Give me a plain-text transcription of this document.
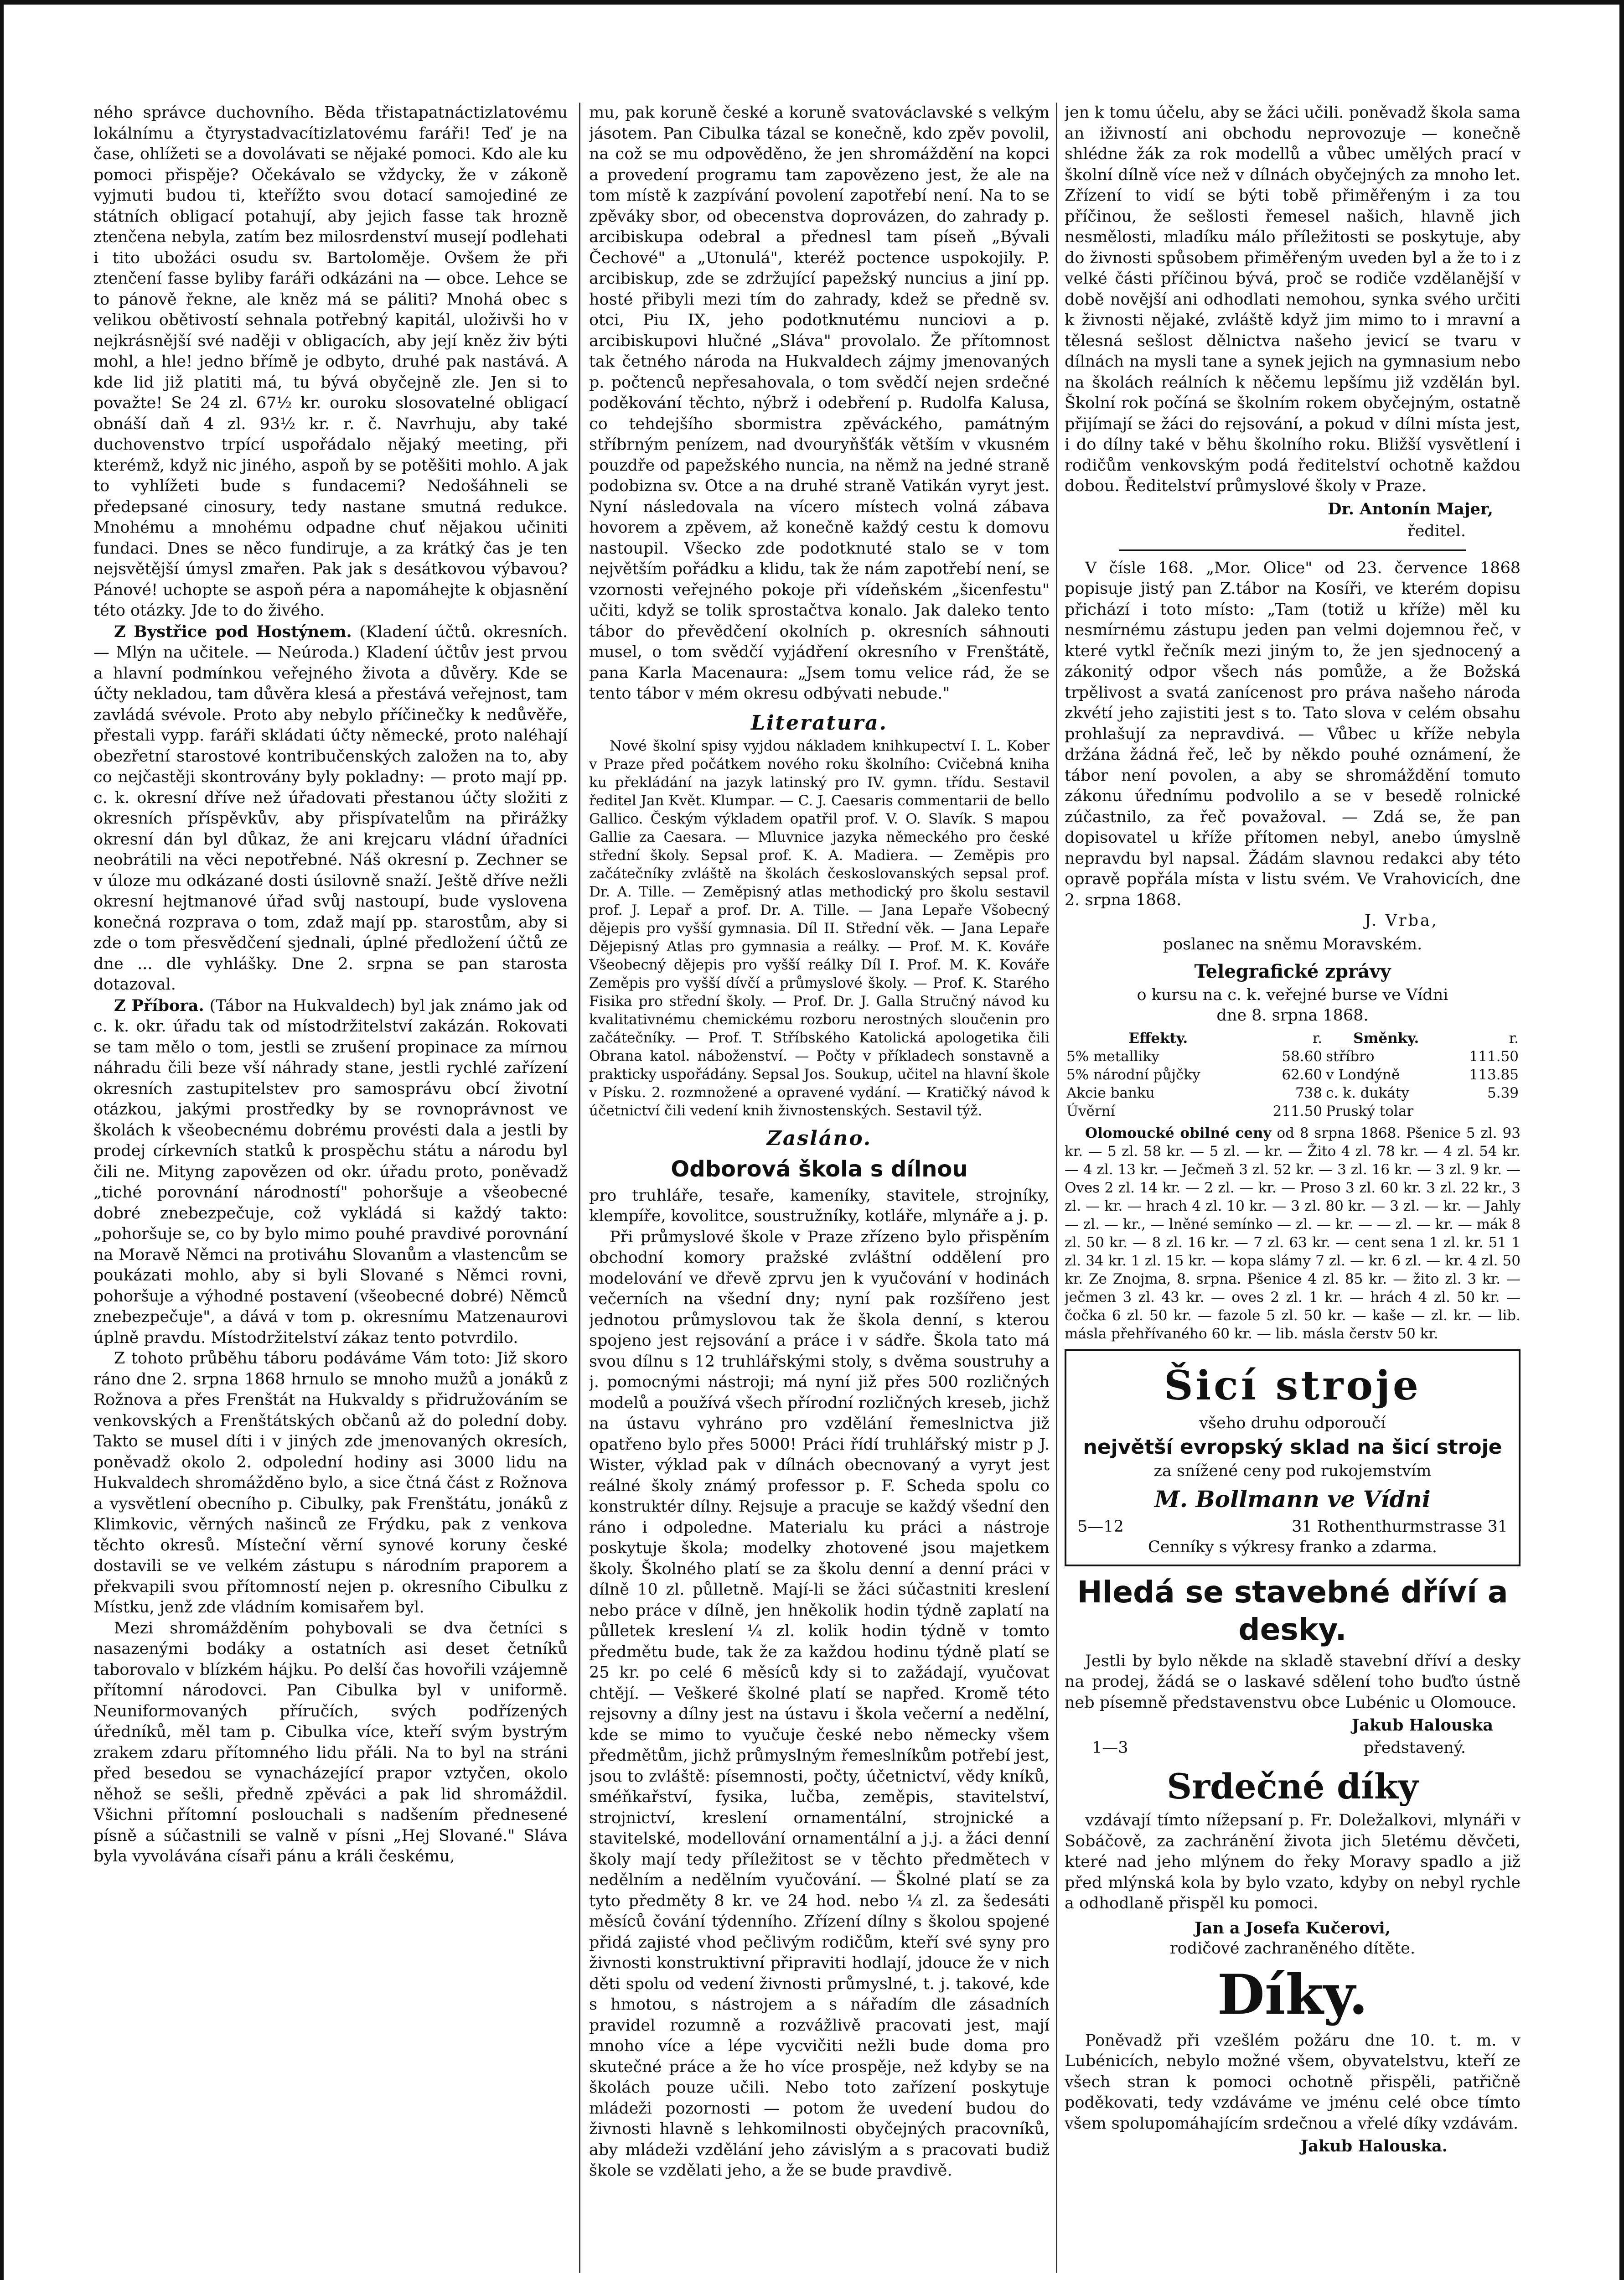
ného správce duchovního. Běda třistapatnáctizlatovému lokálnímu a čtyrystadvacítizlatovému faráři! Teď je na čase, ohlížeti se a dovolávati se nějaké pomoci. Kdo ale ku pomoci přispěje? Očekávalo se vždycky, že v zákoně vyjmuti budou ti, kteřížto svou dotací samojediné ze státních obligací potahují, aby jejich fasse tak hrozně ztenčena nebyla, zatím bez milosrdenství musejí podlehati i tito ubožáci osudu sv. Bartoloměje. Ovšem že při ztenčení fasse byliby faráři odkázáni na — obce. Lehce se to pánově řekne, ale kněz má se páliti? Mnohá obec s velikou obětivostí sehnala potřebný kapitál, uloživši ho v nejkrásnější své naději v obligacích, aby její kněz živ býti mohl, a hle! jedno břímě je odbyto, druhé pak nastává. A kde lid již platiti má, tu bývá obyčejně zle. Jen si to považte! Se 24 zl. 67½ kr. ouroku slosovatelné obligací obnáší daň 4 zl. 93½ kr. r. č. Navrhuju, aby také duchovenstvo trpící uspořádalo nějaký meeting, při kterémž, když nic jiného, aspoň by se potěšiti mohlo. A jak to vyhlížeti bude s fundacemi? Nedošáhneli se předepsané cinosury, tedy nastane smutná redukce. Mnohému a mnohému odpadne chuť nějakou učiniti fundaci. Dnes se něco fundiruje, a za krátký čas je ten nejsvětější úmysl zmařen. Pak jak s desátkovou výbavou? Pánové! uchopte se aspoň péra a napomáhejte k objasnění této otázky. Jde to do živého.

Z Bystřice pod Hostýnem. (Kladení účtů. okresních. — Mlýn na učitele. — Neúroda.) Kladení účtův jest prvou a hlavní podmínkou veřejného života a důvěry. Kde se účty nekladou, tam důvěra klesá a přestává veřejnost, tam zavládá svévole. Proto aby nebylo příčinečky k nedůvěře, přestali vypp. faráři skládati účty německé, proto naléhají obezřetní starostové kontribučenských založen na to, aby co nejčastěji skontrovány byly pokladny: — proto mají pp. c. k. okresní dříve než úřadovati přestanou účty složiti z okresních příspěvkův, aby přispívatelům na přirážky okresní dán byl důkaz, že ani krejcaru vládní úřadníci neobrátili na věci nepotřebné. Náš okresní p. Zechner se v úloze mu odkázané dosti úsilovně snaží. Ještě dříve nežli okresní hejtmanové úřad svůj nastoupí, bude vyslovena konečná rozprava o tom, zdaž mají pp. starostům, aby si zde o tom přesvědčení sjednali, úplné předložení účtů ze dne ... dle vyhlášky. Dne 2. srpna se pan starosta dotazoval.

Z Příbora. (Tábor na Hukvaldech) byl jak známo jak od c. k. okr. úřadu tak od místodržitelství zakázán. Rokovati se tam mělo o tom, jestli se zrušení propinace za mírnou náhradu čili beze vší náhrady stane, jestli rychlé zařízení okresních zastupitelstev pro samosprávu obcí životní otázkou, jakými prostředky by se rovnoprávnost ve školách k všeobecnému dobrému provésti dala a jestli by prodej církevních statků k prospěchu státu a národu byl čili ne. Mityng zapovězen od okr. úřadu proto, poněvadž „tiché porovnání národností" pohoršuje a všeobecné dobré znebezpečuje, což vykládá si každý takto: „pohoršuje se, co by bylo mimo pouhé pravdivé porovnání na Moravě Němci na protiváhu Slovanům a vlastencům se poukázati mohlo, aby si byli Slované s Němci rovni, pohoršuje a výhodné postavení (všeobecné dobré) Němců znebezpečuje", a dává v tom p. okresnímu Matzenaurovi úplně pravdu. Místodržitelství zákaz tento potvrdilo.

Z tohoto průběhu táboru podáváme Vám toto: Již skoro ráno dne 2. srpna 1868 hrnulo se mnoho mužů a jonáků z Rožnova a přes Frenštát na Hukvaldy s přidružováním se venkovských a Frenštátských občanů až do polední doby. Takto se musel díti i v jiných zde jmenovaných okresích, poněvadž okolo 2. odpolední hodiny asi 3000 lidu na Hukvaldech shromážděno bylo, a sice čtná část z Rožnova a vysvětlení obecního p. Cibulky, pak Frenštátu, jonáků z Klimkovic, věrných našinců ze Frýdku, pak z venkova těchto okresů. Místeční věrní synové koruny české dostavili se ve velkém zástupu s národním praporem a překvapili svou přítomností nejen p. okresního Cibulku z Místku, jenž zde vládním komisařem byl.

Mezi shromážděním pohybovali se dva četníci s nasazenými bodáky a ostatních asi deset četníků taborovalo v blízkém hájku. Po delší čas hovořili vzájemně přítomní národovci. Pan Cibulka byl v uniformě. Neuniformovaných příručích, svých podřízených úředníků, měl tam p. Cibulka více, kteří svým bystrým zrakem zdaru přítomného lidu přáli. Na to byl na stráni před besedou se vynacházející prapor vztyčen, okolo něhož se sešli, předně zpěváci a pak lid shromáždil. Všichni přítomní poslouchali s nadšením přednesené písně a súčastnili se valně v písni „Hej Slované." Sláva byla vyvolávána císaři pánu a králi českému,

mu, pak koruně české a koruně svatováclavské s velkým jásotem. Pan Cibulka tázal se konečně, kdo zpěv povolil, na což se mu odpověděno, že jen shromáždění na kopci a provedení programu tam zapovězeno jest, že ale na tom místě k zazpívání povolení zapotřebí není. Na to se zpěváky sbor, od obecenstva doprovázen, do zahrady p. arcibiskupa odebral a přednesl tam píseň „Bývali Čechové" a „Utonulá", kteréž poctence uspokojily. P. arcibiskup, zde se zdržující papežský nuncius a jiní pp. hosté přibyli mezi tím do zahrady, kdež se předně sv. otci, Piu IX, jeho podotknutému nunciovi a p. arcibiskupovi hlučné „Sláva" provolalo. Že přítomnost tak četného národa na Hukvaldech zájmy jmenovaných p. počtenců nepřesahovala, o tom svědčí nejen srdečné poděkování těchto, nýbrž i odebření p. Rudolfa Kalusa, co tehdejšího sbormistra zpěváckého, památným stříbrným penízem, nad dvouryňšťák větším v vkusném pouzdře od papežského nuncia, na němž na jedné straně podobizna sv. Otce a na druhé straně Vatikán vyryt jest. Nyní následovala na vícero místech volná zábava hovorem a zpěvem, až konečně každý cestu k domovu nastoupil. Všecko zde podotknuté stalo se v tom největším pořádku a klidu, tak že nám zapotřebí není, se vzornosti veřejného pokoje při vídeňském „šicenfestu" učiti, když se tolik sprostačtva konalo. Jak daleko tento tábor do převědčení okolních p. okresních sáhnouti musel, o tom svědčí vyjádření okresního v Frenštátě, pana Karla Macenaura: „Jsem tomu velice rád, že se tento tábor v mém okresu odbývati nebude."

Literatura.

Nové školní spisy vyjdou nákladem knihkupectví I. L. Kober v Praze před počátkem nového roku školního: Cvičebná kniha ku překládání na jazyk latinský pro IV. gymn. třídu. Sestavil ředitel Jan Květ. Klumpar. — C. J. Caesaris commentarii de bello Gallico. Českým výkladem opatřil prof. V. O. Slavík. S mapou Gallie za Caesara. — Mluvnice jazyka německého pro české střední školy. Sepsal prof. K. A. Madiera. — Zeměpis pro začátečníky zvláště na školách českoslovanských sepsal prof. Dr. A. Tille. — Zeměpisný atlas methodický pro školu sestavil prof. J. Lepař a prof. Dr. A. Tille. — Jana Lepaře Všobecný dějepis pro vyšší gymnasia. Díl II. Střední věk. — Jana Lepaře Dějepisný Atlas pro gymnasia a reálky. — Prof. M. K. Kováře Všeobecný dějepis pro vyšší reálky Díl I. Prof. M. K. Kováře Zeměpis pro vyšší dívčí a průmyslové školy. — Prof. K. Starého Fisika pro střední školy. — Prof. Dr. J. Galla Stručný návod ku kvalitativnému chemickému rozboru nerostných sloučenin pro začátečníky. — Prof. T. Stříbského Katolická apologetika čili Obrana katol. náboženství. — Počty v příkladech sonstavně a prakticky uspořádány. Sepsal Jos. Soukup, učitel na hlavní škole v Písku. 2. rozmnožené a opravené vydání. — Kratičký návod k účetnictví čili vedení knih živnostenských. Sestavil týž.

Zasláno.
Odborová škola s dílnou

pro truhláře, tesaře, kameníky, stavitele, strojníky, klempíře, kovolitce, soustružníky, kotláře, mlynáře a j. p.

Při průmyslové škole v Praze zřízeno bylo přispěním obchodní komory pražské zvláštní oddělení pro modelování ve dřevě zprvu jen k vyučování v hodinách večerních na všední dny; nyní pak rozšířeno jest jednotou průmyslovou tak že škola denní, s kterou spojeno jest rejsování a práce i v sádře. Škola tato má svou dílnu s 12 truhlářskými stoly, s dvěma soustruhy a j. pomocnými nástroji; má nyní již přes 500 rozličných modelů a používá všech přírodní rozličných kreseb, jichž na ústavu vyhráno pro vzdělání řemeslnictva již opatřeno bylo přes 5000! Práci řídí truhlářský mistr p J. Wister, výklad pak v dílnách obecnovaný a vyryt jest reálné školy známý professor p. F. Scheda spolu co konstruktér dílny. Rejsuje a pracuje se každý všední den ráno i odpoledne. Materialu ku práci a nástroje poskytuje škola; modelky zhotovené jsou majetkem školy. Školného platí se za školu denní a denní práci v dílně 10 zl. půlletně. Mají-li se žáci súčastniti kreslení nebo práce v dílně, jen hněkolik hodin týdně zaplatí na půlletek kreslení ¼ zl. kolik hodin týdně v tomto předmětu bude, tak že za každou hodinu týdně platí se 25 kr. po celé 6 měsíců kdy si to zažádají, vyučovat chtějí. — Veškeré školné platí se napřed. Kromě této rejsovny a dílny jest na ústavu i škola večerní a nedělní, kde se mimo to vyučuje české nebo německy všem předmětům, jichž průmyslným řemeslníkům potřebí jest, jsou to zvláště: písemnosti, počty, účetnictví, vědy kníků, sméňkařství, fysika, lučba, zeměpis, stavitelství, strojnictví, kreslení ornamentální, strojnické a stavitelské, modellování ornamentální a j.j. a žáci denní školy mají tedy příležitost se v těchto předmětech v nedělním a nedělním vyučování. — Školné platí se za tyto předměty 8 kr. ve 24 hod. nebo ¼ zl. za šedesáti měsíců čování týdenního. Zřízení dílny s školou spojené přidá zajisté vhod pečlivým rodičům, kteří své syny pro živnosti konstruktivní připraviti hodlají, jdouce že v nich děti spolu od vedení živnosti průmyslné, t. j. takové, kde s hmotou, s nástrojem a s nářadím dle zásadních pravidel rozumně a rozvážlivě pracovati jest, mají mnoho více a lépe vycvičiti nežli bude doma pro skutečné práce a že ho více prospěje, než kdyby se na školách pouze učili. Nebo toto zařízení poskytuje mládeži pozornosti — potom že uvedení budou do živnosti hlavně s lehkomilnosti obyčejných pracovníků, aby mládeži vzdělání jeho závislým a s pracovati budiž škole se vzdělati jeho, a že se bude pravdivě.

jen k tomu účelu, aby se žáci učili. poněvadž škola sama an iživností ani obchodu neprovozuje — konečně shlédne žák za rok modellů a vůbec umělých prací v školní dílně více než v dílnách obyčejných za mnoho let. Zřízení to vidí se býti tobě přiměřeným i za tou příčinou, že sešlosti řemesel našich, hlavně jich nesmělosti, mladíku málo příležitosti se poskytuje, aby do živnosti spůsobem přiměřeným uveden byl a že to i z velké části příčinou bývá, proč se rodiče vzdělanější v době novější ani odhodlati nemohou, synka svého určiti k živnosti nějaké, zvláště když jim mimo to i mravní a tělesná sešlost dělnictva našeho jevicí se tvaru v dílnách na mysli tane a synek jejich na gymnasium nebo na školách reálních k něčemu lepšímu již vzdělán byl. Školní rok počíná se školním rokem obyčejným, ostatně přijímají se žáci do rejsování, a pokud v dílni místa jest, i do dílny také v běhu školního roku. Bližší vysvětlení i rodičům venkovským podá ředitelství ochotně každou dobou. Ředitelství průmyslové školy v Praze.

Dr. Antonín Majer,

ředitel.

V čísle 168. „Mor. Olice" od 23. července 1868 popisuje jistý pan Z.tábor na Kosíři, ve kterém dopisu přichází i toto místo: „Tam (totiž u kříže) měl ku nesmírnému zástupu jeden pan velmi dojemnou řeč, v které vytkl řečník mezi jiným to, že jen sjednocený a zákonitý odpor všech nás pomůže, a že Božská trpělivost a svatá zanícenost pro práva našeho národa zkvétí jeho zajistiti jest s to. Tato slova v celém obsahu prohlašují za nepravdivá. — Vůbec u kříže nebyla držána žádná řeč, leč by někdo pouhé oznámení, že tábor není povolen, a aby se shromáždění tomuto zákonu úřednímu podvolilo a se v besedě rolnické zúčastnilo, za řeč považoval. — Zdá se, že pan dopisovatel u kříže přítomen nebyl, anebo úmyslně nepravdu byl napsal. Žádám slavnou redakci aby této opravě popřála místa v listu svém. Ve Vrahovicích, dne 2. srpna 1868.

J. Vrba,

poslanec na sněmu Moravském.

Telegrafické zprávy

o kursu na c. k. veřejné burse ve Vídni

dne 8. srpna 1868.

Effekty.	r.	Směnky.	r.
5% metalliky	58.60	stříbro	111.50
5% národní půjčky	62.60	v Londýně	113.85
Akcie banku	738	c. k. dukáty	5.39
Úvěrní	211.50	Pruský tolar	

Olomoucké obilné ceny od 8 srpna 1868. Pšenice 5 zl. 93 kr. — 5 zl. 58 kr. — 5 zl. — kr. — Žito 4 zl. 78 kr. — 4 zl. 54 kr. — 4 zl. 13 kr. — Ječmeň 3 zl. 52 kr. — 3 zl. 16 kr. — 3 zl. 9 kr. — Oves 2 zl. 14 kr. — 2 zl. — kr. — Proso 3 zl. 60 kr. 3 zl. 22 kr., 3 zl. — kr. — hrach 4 zl. 10 kr. — 3 zl. 80 kr. — 3 zl. — kr. — Jahly — zl. — kr., — lněné semínko — zl. — kr. — — zl. — kr. — mák 8 zl. 50 kr. — 8 zl. 16 kr. — 7 zl. 63 kr. — cent sena 1 zl. kr. 51 1 zl. 34 kr. 1 zl. 15 kr. — kopa slámy 7 zl. — kr. 6 zl. — kr. 4 zl. 50 kr. Ze Znojma, 8. srpna. Pšenice 4 zl. 85 kr. — žito zl. 3 kr. — ječmen 3 zl. 43 kr. — oves 2 zl. 1 kr. — hrách 4 zl. 50 kr. — čočka 6 zl. 50 kr. — fazole 5 zl. 50 kr. — kaše — zl. kr. — lib. másla přehřívaného 60 kr. — lib. másla čerstv 50 kr.

Šicí stroje
všeho druhu odporoučí
největší evropský sklad na šicí stroje
za snížené ceny pod rukojemstvím
M. Bollmann ve Vídni
5—12	31 Rothenthurmstrasse 31
Cenníky s výkresy franko a zdarma.
Hledá se stavebné dříví a desky.

Jestli by bylo někde na skladě stavební dříví a desky na prodej, žádá se o laskavé sdělení toho buďto ústně neb písemně představenstvu obce Lubénic u Olomouce.

Jakub Halouska

1—3	představený.
Srdečné díky

vzdávají tímto nížepsaní p. Fr. Doležalkovi, mlynáři v Sobáčově, za zachránění života jich 5letému děvčeti, které nad jeho mlýnem do řeky Moravy spadlo a již před mlýnská kola by bylo vzato, kdyby on nebyl rychle a odhodlaně přispěl ku pomoci.

Jan a Josefa Kučerovi,

rodičové zachraněného dítěte.

Díky.

Poněvadž při vzešlém požáru dne 10. t. m. v Lubénicích, nebylo možné všem, obyvatelstvu, kteří ze všech stran k pomoci ochotně přispěli, patřičně poděkovati, tedy vzdáváme ve jménu celé obce tímto všem spolupomáhajícím srdečnou a vřelé díky vzdávám.

Jakub Halouska.
